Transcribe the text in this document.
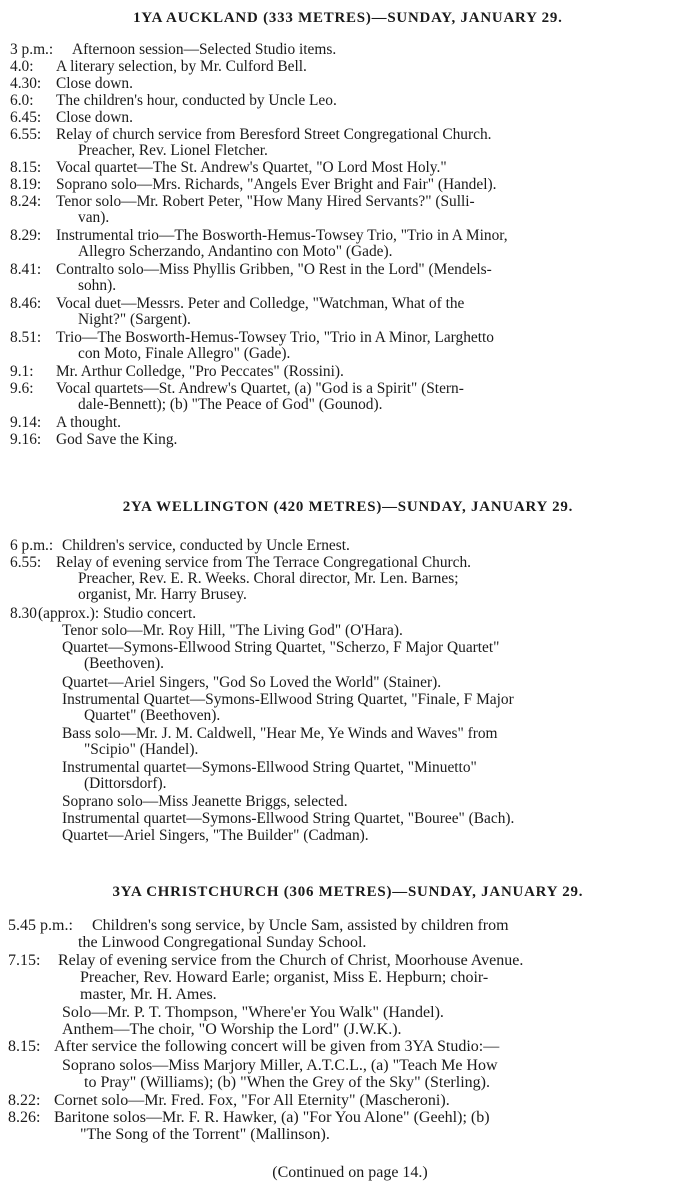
1YA AUCKLAND (333 METRES)—SUNDAY, JANUARY 29.
3 p.m.: Afternoon session—Selected Studio items.
4.0: A literary selection, by Mr. Culford Bell.
4.30: Close down.
6.0: The children's hour, conducted by Uncle Leo.
6.45: Close down.
6.55: Relay of church service from Beresford Street Congregational Church.
Preacher, Rev. Lionel Fletcher.
8.15: Vocal quartet—The St. Andrew's Quartet, "O Lord Most Holy."
8.19: Soprano solo—Mrs. Richards, "Angels Ever Bright and Fair" (Handel).
8.24: Tenor solo—Mr. Robert Peter, "How Many Hired Servants?" (Sulli-
van).
8.29: Instrumental trio—The Bosworth-Hemus-Towsey Trio, "Trio in A Minor,
Allegro Scherzando, Andantino con Moto" (Gade).
8.41: Contralto solo—Miss Phyllis Gribben, "O Rest in the Lord" (Mendels-
sohn).
8.46: Vocal duet—Messrs. Peter and Colledge, "Watchman, What of the
Night?" (Sargent).
8.51: Trio—The Bosworth-Hemus-Towsey Trio, "Trio in A Minor, Larghetto
con Moto, Finale Allegro" (Gade).
9.1: Mr. Arthur Colledge, "Pro Peccates" (Rossini).
9.6: Vocal quartets—St. Andrew's Quartet, (a) "God is a Spirit" (Stern-
dale-Bennett); (b) "The Peace of God" (Gounod).
9.14: A thought.
9.16: God Save the King.
2YA WELLINGTON (420 METRES)—SUNDAY, JANUARY 29.
6 p.m.: Children's service, conducted by Uncle Ernest.
6.55: Relay of evening service from The Terrace Congregational Church.
Preacher, Rev. E. R. Weeks. Choral director, Mr. Len. Barnes;
organist, Mr. Harry Brusey.
8.30 (approx.): Studio concert.
Tenor solo—Mr. Roy Hill, "The Living God" (O'Hara).
Quartet—Symons-Ellwood String Quartet, "Scherzo, F Major Quartet"
(Beethoven).
Quartet—Ariel Singers, "God So Loved the World" (Stainer).
Instrumental Quartet—Symons-Ellwood String Quartet, "Finale, F Major
Quartet" (Beethoven).
Bass solo—Mr. J. M. Caldwell, "Hear Me, Ye Winds and Waves" from
"Scipio" (Handel).
Instrumental quartet—Symons-Ellwood String Quartet, "Minuetto"
(Dittorsdorf).
Soprano solo—Miss Jeanette Briggs, selected.
Instrumental quartet—Symons-Ellwood String Quartet, "Bouree" (Bach).
Quartet—Ariel Singers, "The Builder" (Cadman).
3YA CHRISTCHURCH (306 METRES)—SUNDAY, JANUARY 29.
5.45 p.m.: Children's song service, by Uncle Sam, assisted by children from
the Linwood Congregational Sunday School.
7.15: Relay of evening service from the Church of Christ, Moorhouse Avenue.
Preacher, Rev. Howard Earle; organist, Miss E. Hepburn; choir-
master, Mr. H. Ames.
Solo—Mr. P. T. Thompson, "Where'er You Walk" (Handel).
Anthem—The choir, "O Worship the Lord" (J.W.K.).
8.15: After service the following concert will be given from 3YA Studio:—
Soprano solos—Miss Marjory Miller, A.T.C.L., (a) "Teach Me How
to Pray" (Williams); (b) "When the Grey of the Sky" (Sterling).
8.22: Cornet solo—Mr. Fred. Fox, "For All Eternity" (Mascheroni).
8.26: Baritone solos—Mr. F. R. Hawker, (a) "For You Alone" (Geehl); (b)
"The Song of the Torrent" (Mallinson).
(Continued on page 14.)
